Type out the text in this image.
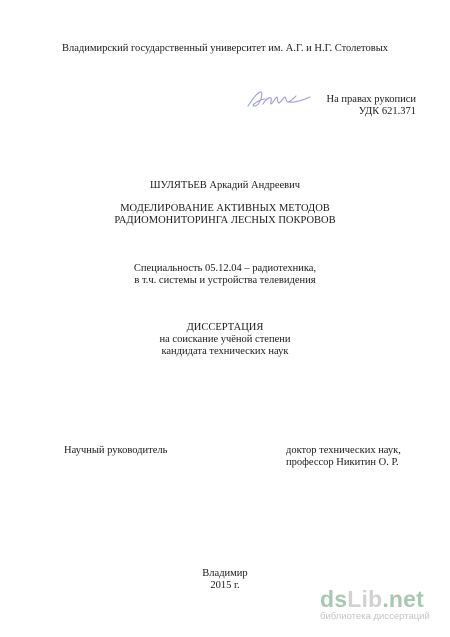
Владимирский государственный университет им. А.Г. и Н.Г. Столетовых
На правах рукописи
УДК 621.371
ШУЛЯТЬЕВ Аркадий Андреевич
МОДЕЛИРОВАНИЕ АКТИВНЫХ МЕТОДОВ
РАДИОМОНИТОРИНГА ЛЕСНЫХ ПОКРОВОВ
Специальность 05.12.04 – радиотехника,
в т.ч. системы и устройства телевидения
ДИССЕРТАЦИЯ
на соискание учёной степени
кандидата технических наук
Научный руководитель	доктор технических наук,
профессор Никитин О. Р.
Владимир
2015 г.
dsLib.net
библиотека диссертаций
